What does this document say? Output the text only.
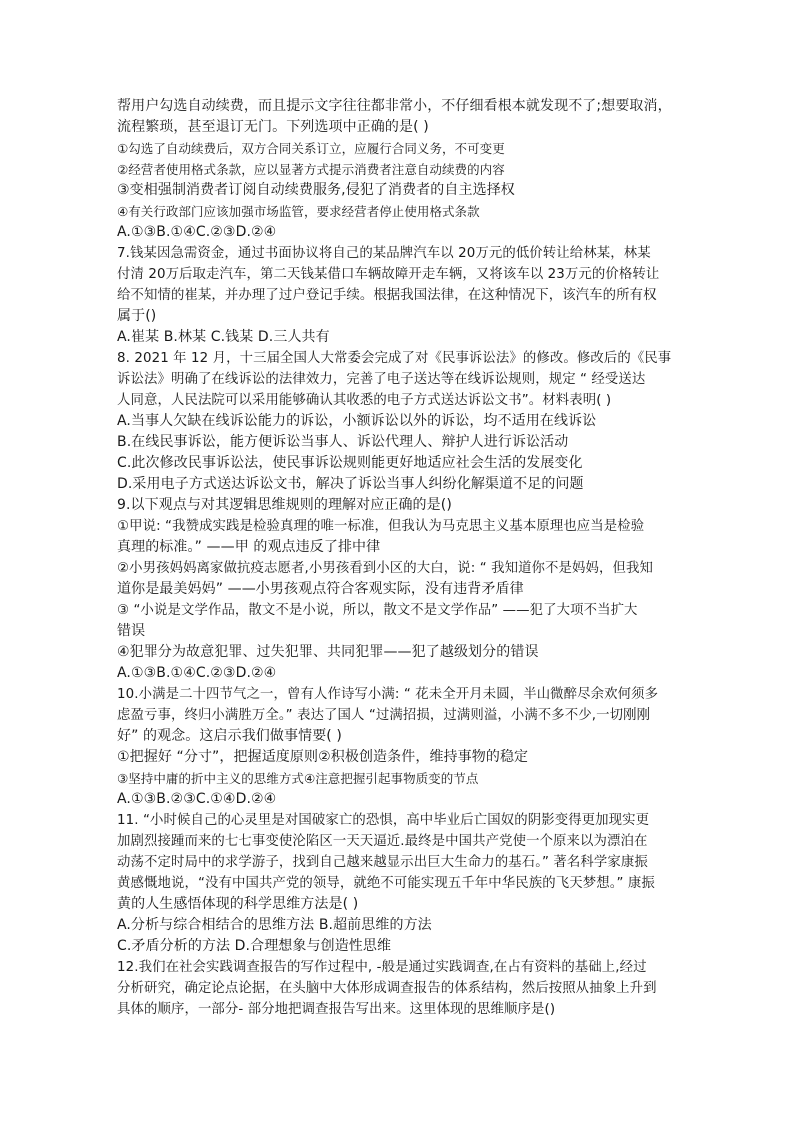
帮用户勾选自动续费，而且提示文字往往都非常小，不仔细看根本就发现不了;想要取消，
流程繁琐，甚至退订无门。下列选项中正确的是( )
①勾选了自动续费后，双方合同关系订立，应履行合同义务，不可变更
②经营者使用格式条款，应以显著方式提示消费者注意自动续费的内容
③变相强制消费者订阅自动续费服务,侵犯了消费者的自主选择权
④有关行政部门应该加强市场监管，要求经营者停止使用格式条款
A.①③B.①④C.②③D.②④
7.钱某因急需资金，通过书面协议将自己的某品牌汽车以 20万元的低价转让给林某，林某
付清 20万后取走汽车，第二天钱某借口车辆故障开走车辆，又将该车以 23万元的价格转让
给不知情的崔某，并办理了过户登记手续。根据我国法律，在这种情况下，该汽车的所有权
属于()
A.崔某 B.林某 C.钱某 D.三人共有
8. 2021 年 12 月，十三届全国人大常委会完成了对《民事诉讼法》的修改。修改后的《民事
诉讼法》明确了在线诉讼的法律效力，完善了电子送达等在线诉讼规则，规定 “ 经受送达
人同意，人民法院可以采用能够确认其收悉的电子方式送达诉讼文书”。材料表明( )
A.当事人欠缺在线诉讼能力的诉讼，小额诉讼以外的诉讼，均不适用在线诉讼
B.在线民事诉讼，能方便诉讼当事人、诉讼代理人、辩护人进行诉讼活动
C.此次修改民事诉讼法，使民事诉讼规则能更好地适应社会生活的发展变化
D.采用电子方式送达诉讼文书，解决了诉讼当事人纠纷化解渠道不足的问题
9.以下观点与对其逻辑思维规则的理解对应正确的是()
①甲说: “我赞成实践是检验真理的唯一标准，但我认为马克思主义基本原理也应当是检验
真理的标准。” ——甲 的观点违反了排中律
②小男孩妈妈离家做抗疫志愿者,小男孩看到小区的大白，说: “ 我知道你不是妈妈，但我知
道你是最美妈妈” ——小男孩观点符合客观实际，没有违背矛盾律
③ “小说是文学作品，散文不是小说，所以，散文不是文学作品” ——犯了大项不当扩大
错误
④犯罪分为故意犯罪、过失犯罪、共同犯罪——犯了越级划分的错误
A.①③B.①④C.②③D.②④
10.小满是二十四节气之一，曾有人作诗写小满: “ 花未全开月未圆，半山微醉尽余欢何须多
虑盈亏事，终归小满胜万全。” 表达了国人 “过满招损，过满则溢，小满不多不少,一切刚刚
好” 的观念。这启示我们做事情要( )
①把握好 “分寸”，把握适度原则②积极创造条件，维持事物的稳定
③坚持中庸的折中主义的思维方式④注意把握引起事物质变的节点
A.①③B.②③C.①④D.②④
11. “小时候自己的心灵里是对国破家亡的恐惧，高中毕业后亡国奴的阴影变得更加现实更
加剧烈接踵而来的七七事变使沦陷区一天天逼近.最终是中国共产党使一个原来以为漂泊在
动荡不定时局中的求学游子，找到自己越来越显示出巨大生命力的基石。” 著名科学家康振
黄感慨地说，“没有中国共产党的领导，就绝不可能实现五千年中华民族的飞天梦想。” 康振
黄的人生感悟体现的科学思维方法是( )
A.分析与综合相结合的思维方法 B.超前思维的方法
C.矛盾分析的方法 D.合理想象与创造性思维
12.我们在社会实践调查报告的写作过程中, -般是通过实践调查,在占有资料的基础上,经过
分析研究，确定论点论据，在头脑中大体形成调查报告的体系结构，然后按照从抽象上升到
具体的顺序，一部分- 部分地把调查报告写出来。这里体现的思维顺序是()
